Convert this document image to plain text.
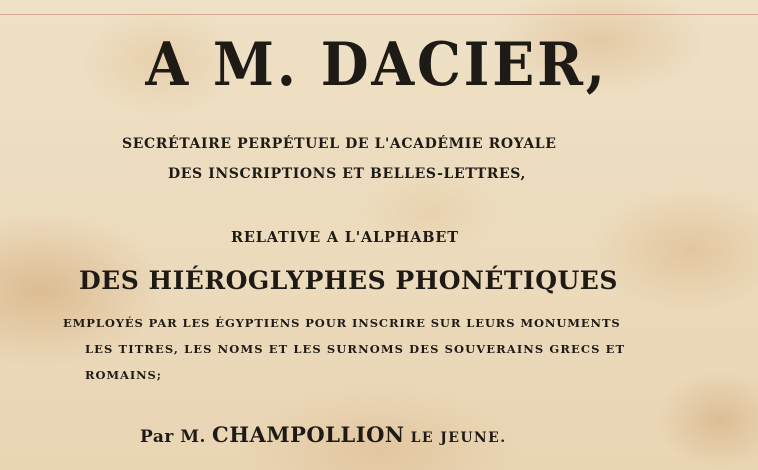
A M. DACIER,
SECRÉTAIRE PERPÉTUEL DE L'ACADÉMIE ROYALE
DES INSCRIPTIONS ET BELLES-LETTRES,
RELATIVE A L'ALPHABET
DES HIÉROGLYPHES PHONÉTIQUES
EMPLOYÉS PAR LES ÉGYPTIENS POUR INSCRIRE SUR LEURS MONUMENTS
LES TITRES, LES NOMS ET LES SURNOMS DES SOUVERAINS GRECS ET
ROMAINS;
Par M. CHAMPOLLION LE JEUNE.
